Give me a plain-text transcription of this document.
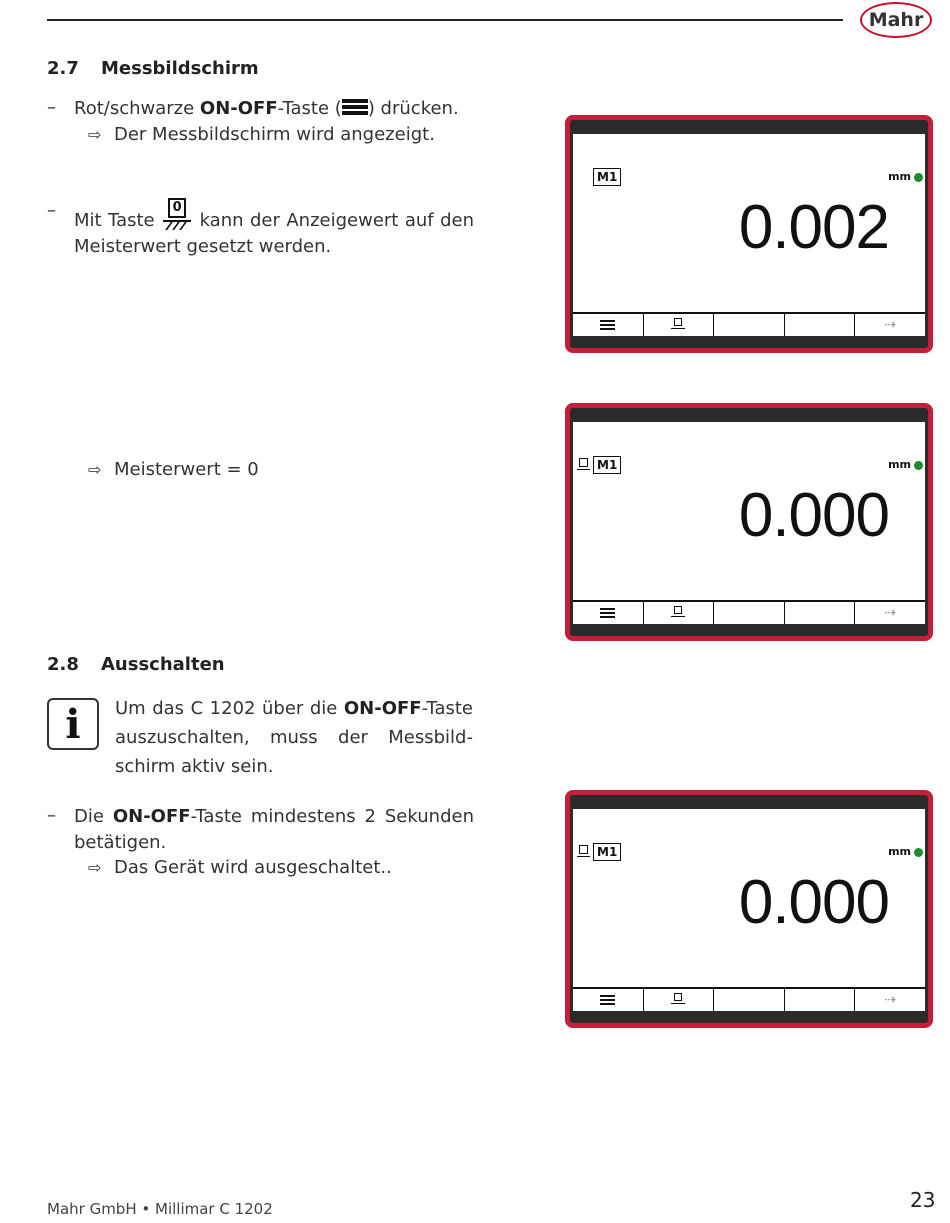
Mahr
2.7 Messbildschirm
– Rot/schwarze ON-OFF-Taste ( ) drücken.
⇨ Der Messbildschirm wird angezeigt.
– Mit Taste
0
kann der Anzeigewert auf den Meisterwert gesetzt werden.
⇨ Meisterwert = 0
2.8 Ausschalten
i Um das C 1202 über die ON-OFF-Taste auszuschalten, muss der Messbildschirm aktiv sein.
– Die ON-OFF-Taste mindestens 2 Sekunden betätigen.
⇨ Das Gerät wird ausgeschaltet..
M1	mm
0.002
⇢
M1	mm
0.000
⇢
M1	mm
0.000
⇢
Mahr GmbH • Millimar C 1202	23
